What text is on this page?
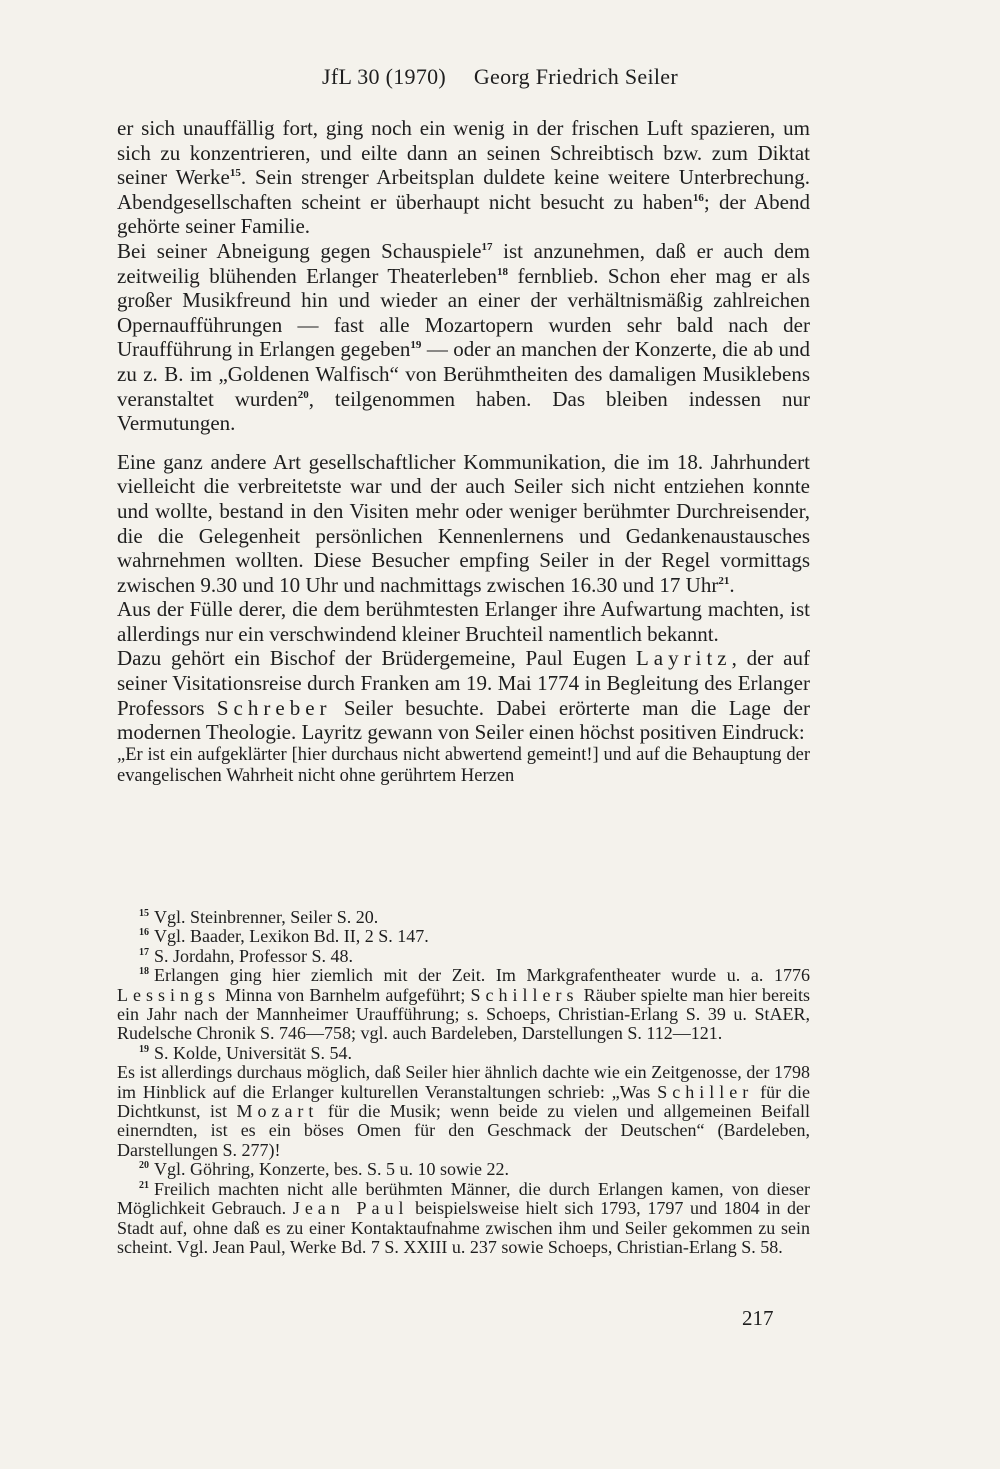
JfL 30 (1970) Georg Friedrich Seiler

er sich unauffällig fort, ging noch ein wenig in der frischen Luft spazieren, um sich zu konzentrieren, und eilte dann an seinen Schreibtisch bzw. zum Diktat seiner Werke$^{15}$. Sein strenger Arbeitsplan duldete keine weitere Unterbrechung. Abendgesellschaften scheint er überhaupt nicht besucht zu haben$^{16}$; der Abend gehörte seiner Familie.

Bei seiner Abneigung gegen Schauspiele$^{17}$ ist anzunehmen, daß er auch dem zeitweilig blühenden Erlanger Theaterleben$^{18}$ fernblieb. Schon eher mag er als großer Musikfreund hin und wieder an einer der verhältnismäßig zahlreichen Opernaufführungen — fast alle Mozartopern wurden sehr bald nach der Uraufführung in Erlangen gegeben$^{19}$ — oder an manchen der Konzerte, die ab und zu z. B. im „Goldenen Walfisch“ von Berühmtheiten des damaligen Musiklebens veranstaltet wurden$^{20}$, teilgenommen haben. Das bleiben indessen nur Vermutungen.

Eine ganz andere Art gesellschaftlicher Kommunikation, die im 18. Jahrhundert vielleicht die verbreitetste war und der auch Seiler sich nicht entziehen konnte und wollte, bestand in den Visiten mehr oder weniger berühmter Durchreisender, die die Gelegenheit persönlichen Kennenlernens und Gedankenaustausches wahrnehmen wollten. Diese Besucher empfing Seiler in der Regel vormittags zwischen 9.30 und 10 Uhr und nachmittags zwischen 16.30 und 17 Uhr$^{21}$.

Aus der Fülle derer, die dem berühmtesten Erlanger ihre Aufwartung machten, ist allerdings nur ein verschwindend kleiner Bruchteil namentlich bekannt.

Dazu gehört ein Bischof der Brüdergemeine, Paul Eugen Layritz, der auf seiner Visitationsreise durch Franken am 19. Mai 1774 in Begleitung des Erlanger Professors Schreber Seiler besuchte. Dabei erörterte man die Lage der modernen Theologie. Layritz gewann von Seiler einen höchst positiven Eindruck:

„Er ist ein aufgeklärter [hier durchaus nicht abwertend gemeint!] und auf die Behauptung der evangelischen Wahrheit nicht ohne gerührtem Herzen

$^{15}$ Vgl. Steinbrenner, Seiler S. 20.

$^{16}$ Vgl. Baader, Lexikon Bd. II, 2 S. 147.

$^{17}$ S. Jordahn, Professor S. 48.

$^{18}$ Erlangen ging hier ziemlich mit der Zeit. Im Markgrafentheater wurde u. a. 1776 Lessings Minna von Barnhelm aufgeführt; Schillers Räuber spielte man hier bereits ein Jahr nach der Mannheimer Uraufführung; s. Schoeps, Christian-Erlang S. 39 u. StAER, Rudelsche Chronik S. 746—758; vgl. auch Bardeleben, Darstellungen S. 112—121.

$^{19}$ S. Kolde, Universität S. 54.

Es ist allerdings durchaus möglich, daß Seiler hier ähnlich dachte wie ein Zeitgenosse, der 1798 im Hinblick auf die Erlanger kulturellen Veranstaltungen schrieb: „Was Schiller für die Dichtkunst, ist Mozart für die Musik; wenn beide zu vielen und allgemeinen Beifall einerndten, ist es ein böses Omen für den Geschmack der Deutschen“ (Bardeleben, Darstellungen S. 277)!

$^{20}$ Vgl. Göhring, Konzerte, bes. S. 5 u. 10 sowie 22.

$^{21}$ Freilich machten nicht alle berühmten Männer, die durch Erlangen kamen, von dieser Möglichkeit Gebrauch. Jean Paul beispielsweise hielt sich 1793, 1797 und 1804 in der Stadt auf, ohne daß es zu einer Kontaktaufnahme zwischen ihm und Seiler gekommen zu sein scheint. Vgl. Jean Paul, Werke Bd. 7 S. XXIII u. 237 sowie Schoeps, Christian-Erlang S. 58.

217
